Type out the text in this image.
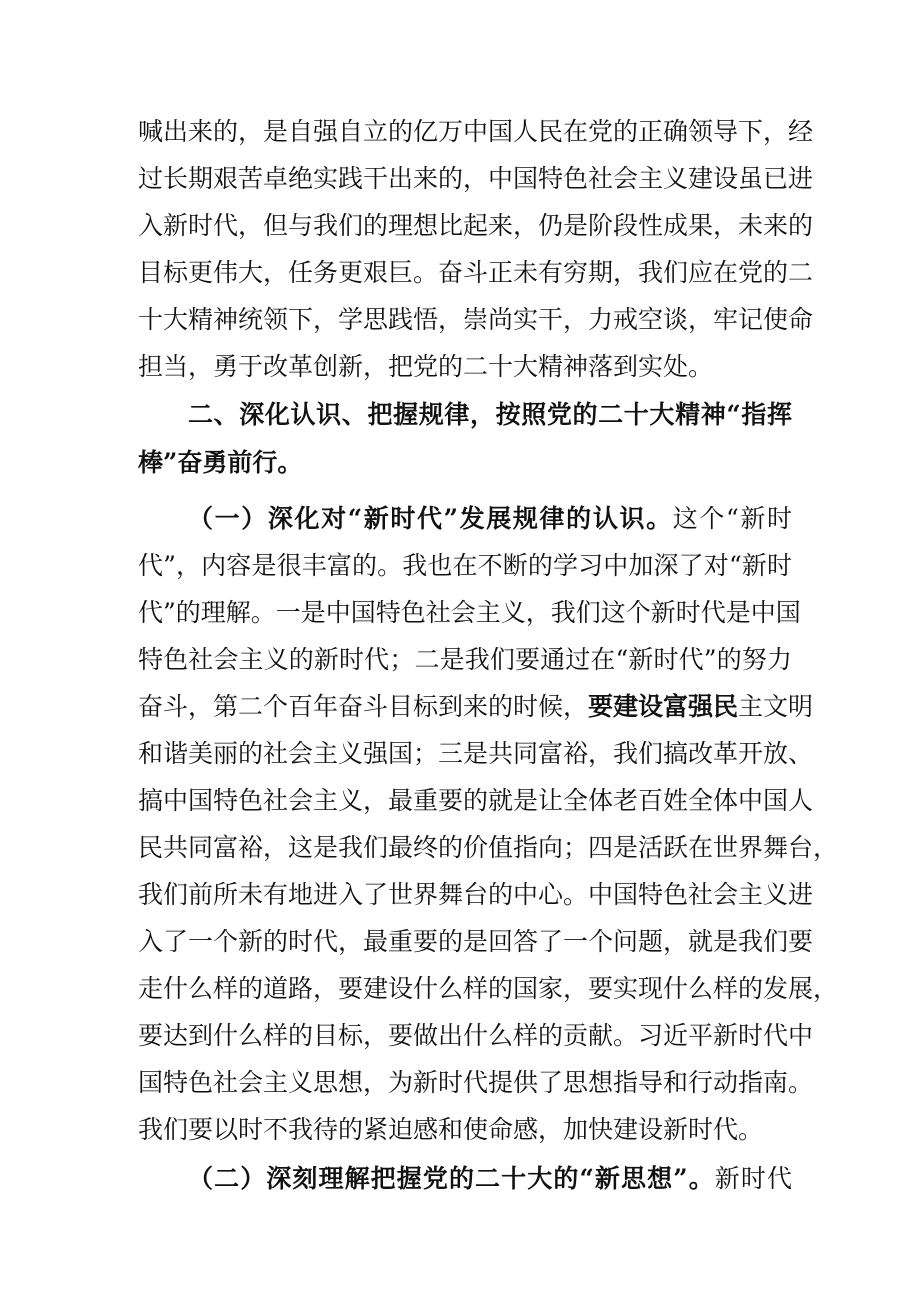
喊出来的，是自强自立的亿万中国人民在党的正确领导下，经
过长期艰苦卓绝实践干出来的，中国特色社会主义建设虽已进
入新时代，但与我们的理想比起来，仍是阶段性成果，未来的
目标更伟大，任务更艰巨。奋斗正未有穷期，我们应在党的二
十大精神统领下，学思践悟，崇尚实干，力戒空谈，牢记使命
担当，勇于改革创新，把党的二十大精神落到实处。
二、深化认识、把握规律，按照党的二十大精神“指挥
棒”奋勇前行。
（一）深化对“新时代”发展规律的认识。这个“新时
代”，内容是很丰富的。我也在不断的学习中加深了对“新时
代”的理解。一是中国特色社会主义，我们这个新时代是中国
特色社会主义的新时代；二是我们要通过在“新时代”的努力
奋斗，第二个百年奋斗目标到来的时候，要建设富强民主文明
和谐美丽的社会主义强国；三是共同富裕，我们搞改革开放、
搞中国特色社会主义，最重要的就是让全体老百姓全体中国人
民共同富裕，这是我们最终的价值指向；四是活跃在世界舞台，
我们前所未有地进入了世界舞台的中心。中国特色社会主义进
入了一个新的时代，最重要的是回答了一个问题，就是我们要
走什么样的道路，要建设什么样的国家，要实现什么样的发展，
要达到什么样的目标，要做出什么样的贡献。习近平新时代中
国特色社会主义思想，为新时代提供了思想指导和行动指南。
我们要以时不我待的紧迫感和使命感，加快建设新时代。
（二）深刻理解把握党的二十大的“新思想”。新时代
